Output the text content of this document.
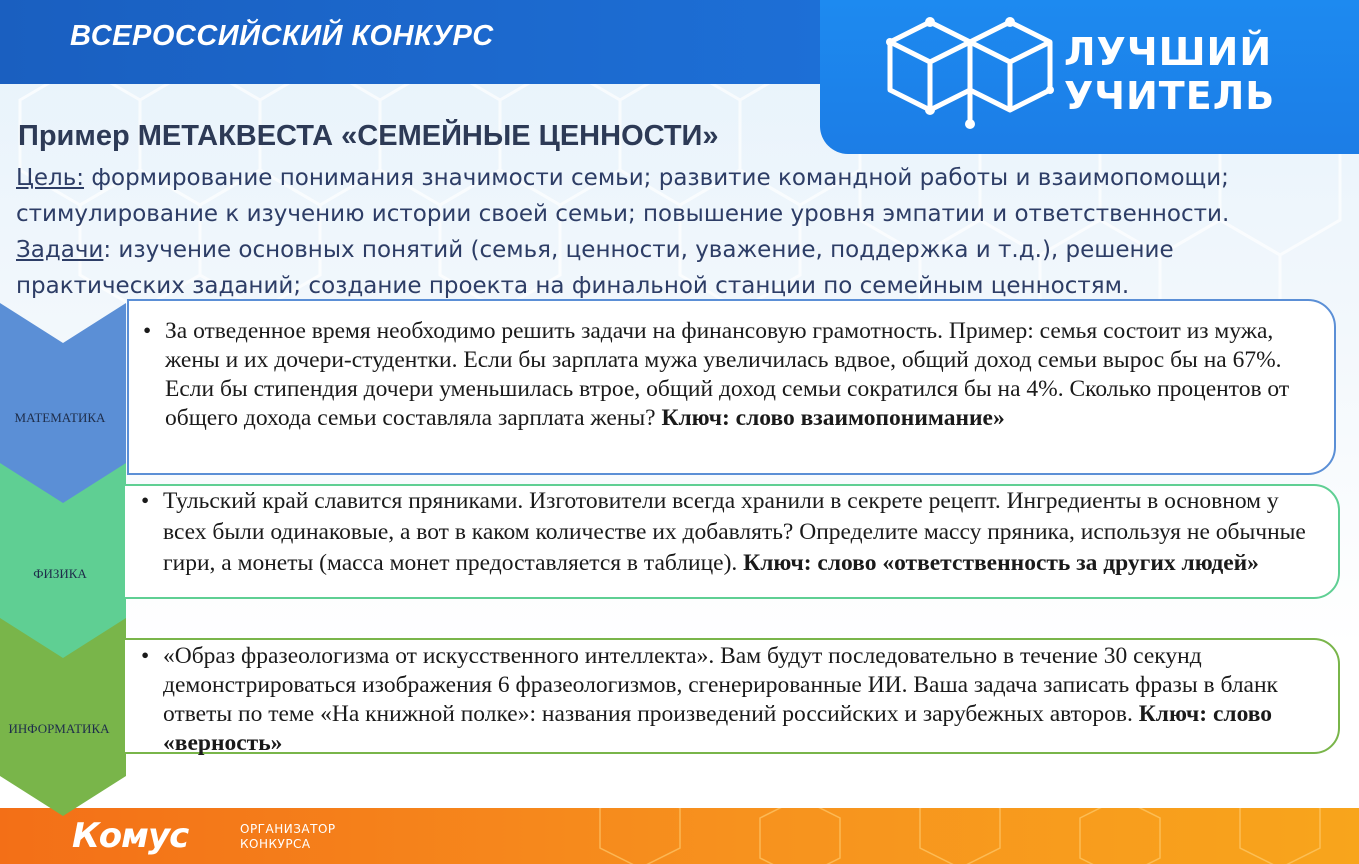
ВСЕРОССИЙСКИЙ КОНКУРС	ЛУЧШИЙ
УЧИТЕЛЬ
Пример МЕТАКВЕСТА «СЕМЕЙНЫЕ ЦЕННОСТИ»
Цель: формирование понимания значимости семьи; развитие командной работы и взаимопомощи; стимулирование к изучению истории своей семьи; повышение уровня эмпатии и ответственности.
Задачи: изучение основных понятий (семья, ценности, уважение, поддержка и т.д.), решение практических заданий; создание проекта на финальной станции по семейным ценностям.
МАТЕМАТИКА
ФИЗИКА
ИНФОРМАТИКА
• За отведенное время необходимо решить задачи на финансовую грамотность. Пример: семья состоит из мужа, жены и их дочери-студентки. Если бы зарплата мужа увеличилась вдвое, общий доход семьи вырос бы на 67%. Если бы стипендия дочери уменьшилась втрое, общий доход семьи сократился бы на 4%. Сколько процентов от общего дохода семьи составляла зарплата жены? Ключ: слово взаимопонимание»
• Тульский край славится пряниками. Изготовители всегда хранили в секрете рецепт. Ингредиенты в основном у всех были одинаковые, а вот в каком количестве их добавлять? Определите массу пряника, используя не обычные гири, а монеты (масса монет предоставляется в таблице). Ключ: слово «ответственность за других людей»
• «Образ фразеологизма от искусственного интеллекта». Вам будут последовательно в течение 30 секунд демонстрироваться изображения 6 фразеологизмов, сгенерированные ИИ. Ваша задача записать фразы в бланк ответы по теме «На книжной полке»: названия произведений российских и зарубежных авторов. Ключ: слово «верность»
Комус	ОРГАНИЗАТОР
КОНКУРСА
